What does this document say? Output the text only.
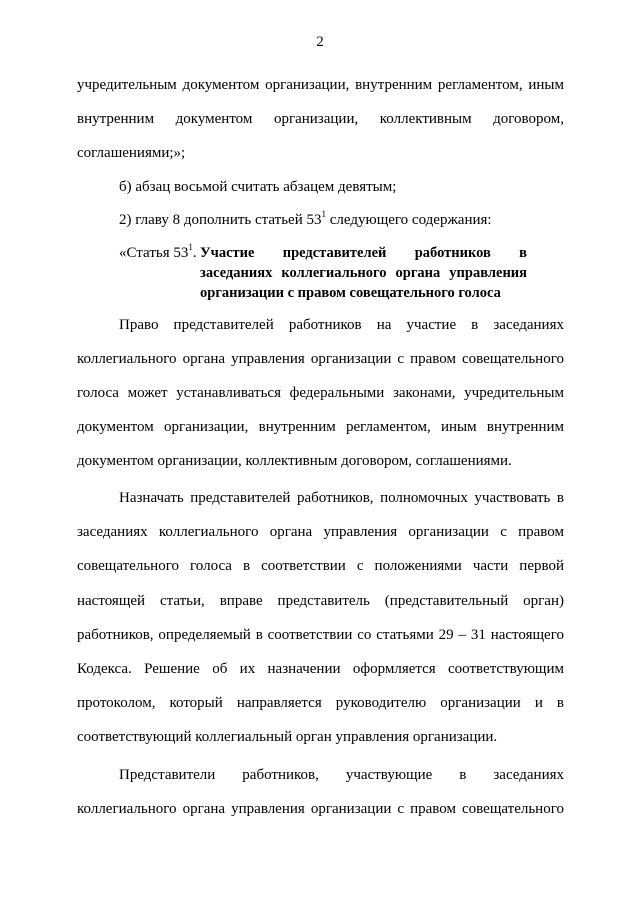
2
учредительным документом организации, внутренним регламентом, иным
внутренним документом организации, коллективным договором,
соглашениями;»;
б) абзац восьмой считать абзацем девятым;
2) главу 8 дополнить статьей $53^1$ следующего содержания:
«Статья $53^1$. Участие представителей работников в
заседаниях коллегиального органа управления
организации с правом совещательного голоса
Право представителей работников на участие в заседаниях
коллегиального органа управления организации с правом совещательного
голоса может устанавливаться федеральными законами, учредительным
документом организации, внутренним регламентом, иным внутренним
документом организации, коллективным договором, соглашениями.
Назначать представителей работников, полномочных участвовать в
заседаниях коллегиального органа управления организации с правом
совещательного голоса в соответствии с положениями части первой
настоящей статьи, вправе представитель (представительный орган)
работников, определяемый в соответствии со статьями 29 – 31 настоящего
Кодекса. Решение об их назначении оформляется соответствующим
протоколом, который направляется руководителю организации и в
соответствующий коллегиальный орган управления организации.
Представители работников, участвующие в заседаниях
коллегиального органа управления организации с правом совещательного
